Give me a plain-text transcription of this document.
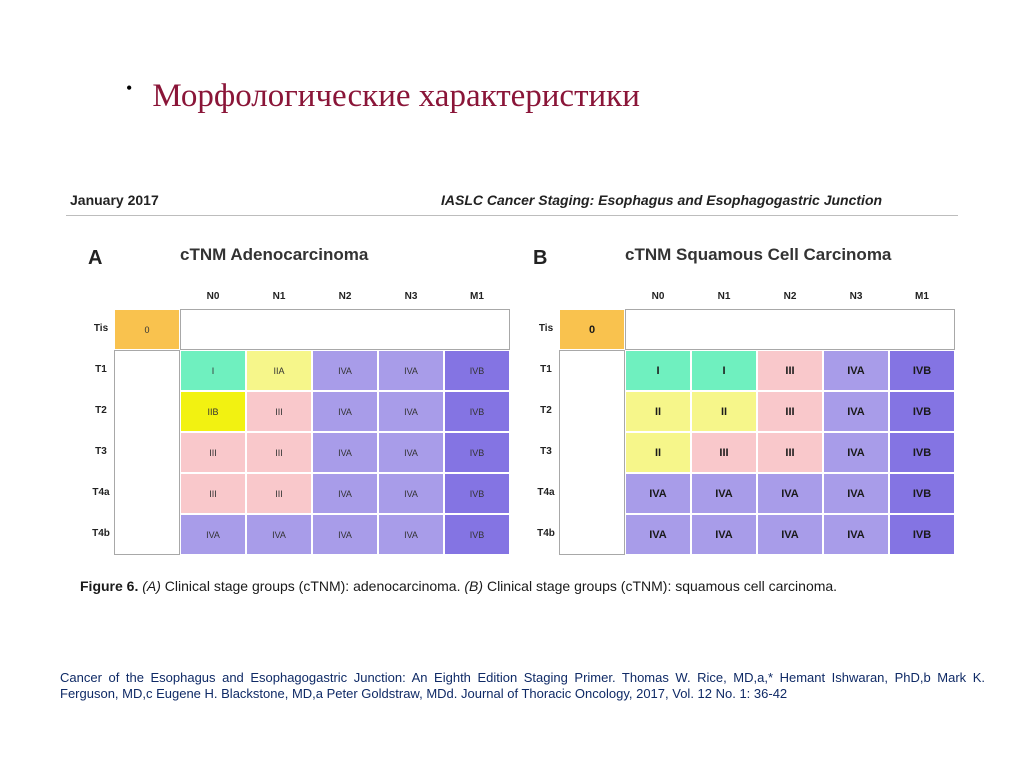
• Морфологические характеристики
January 2017	IASLC Cancer Staging: Esophagus and Esophagogastric Junction
A	cTNM Adenocarcinoma
N0	N1	N2	N3	M1
Tis	0
T1	I	IIA	IVA	IVA	IVB
T2	IIB	III	IVA	IVA	IVB
T3	III	III	IVA	IVA	IVB
T4a	III	III	IVA	IVA	IVB
T4b	IVA	IVA	IVA	IVA	IVB
B	cTNM Squamous Cell Carcinoma
N0	N1	N2	N3	M1
Tis	0
T1	I	I	III	IVA	IVB
T2	II	II	III	IVA	IVB
T3	II	III	III	IVA	IVB
T4a	IVA	IVA	IVA	IVA	IVB
T4b	IVA	IVA	IVA	IVA	IVB
Figure 6. (A) Clinical stage groups (cTNM): adenocarcinoma. (B) Clinical stage groups (cTNM): squamous cell carcinoma.
Cancer of the Esophagus and Esophagogastric Junction: An Eighth Edition Staging Primer. Thomas W. Rice, MD,a,* Hemant Ishwaran, PhD,b Mark K. Ferguson, MD,c Eugene H. Blackstone, MD,a Peter Goldstraw, MDd. Journal of Thoracic Oncology, 2017, Vol. 12 No. 1: 36-42
